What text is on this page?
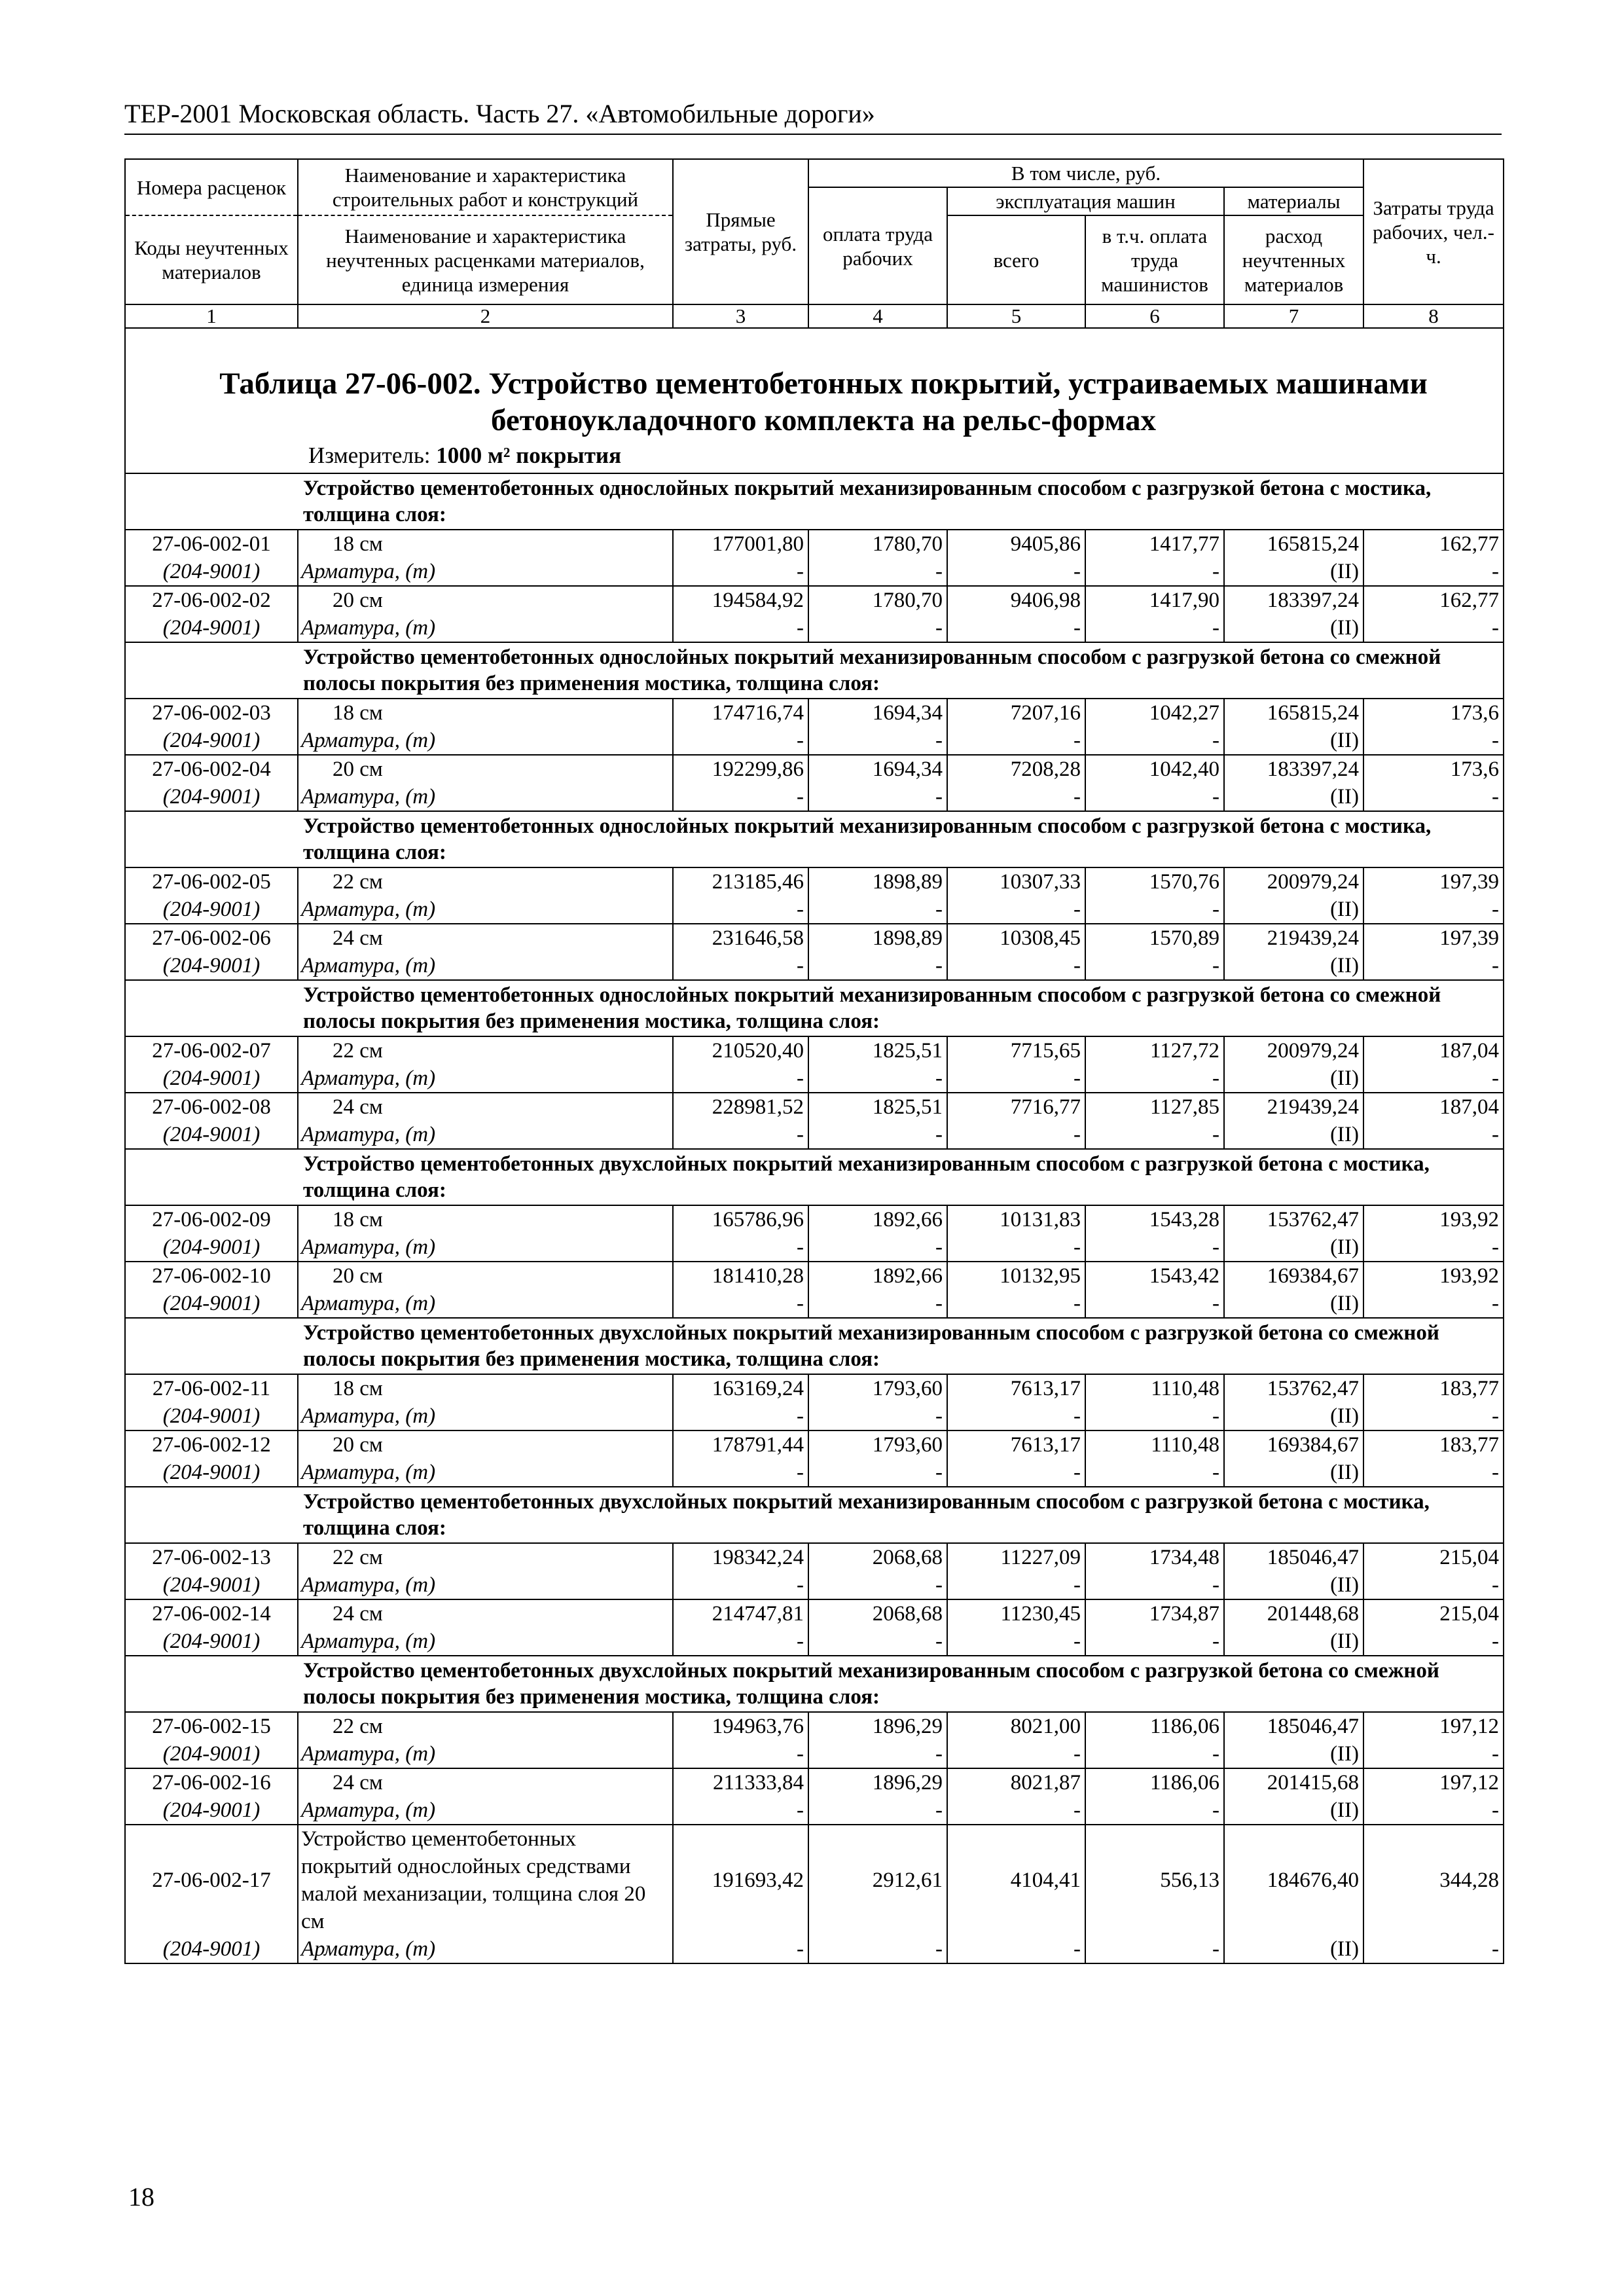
ТЕР-2001 Московская область. Часть 27. «Автомобильные дороги»
Номера расценок	Наименование и характеристика строительных работ и конструкций	Прямые затраты, руб.	В том числе, руб.				Затраты труда рабочих, чел.-ч.
			оплата труда рабочих	эксплуатация машин		материалы	
Коды неучтенных материалов	Наименование и характеристика неучтенных расценками материалов, единица измерения			всего	в т.ч. оплата труда машинистов	расход неучтенных материалов	

1	2	3	4	5	6	7	8

Таблица 27-06-002. Устройство цементобетонных покрытий, устраиваемых машинами бетоноукладочного комплекта на рельс-формах							

Измеритель: 1000 м² покрытия							

	Устройство цементобетонных однослойных покрытий механизированным способом с разгрузкой бетона с мостика, толщина слоя:						
27-06-002-01	18 см	177001,80	1780,70	9405,86	1417,77	165815,24	162,77
(204-9001)	Арматура, (т)	-	-	-	-	(II)	-
27-06-002-02	20 см	194584,92	1780,70	9406,98	1417,90	183397,24	162,77
(204-9001)	Арматура, (т)	-	-	-	-	(II)	-
	Устройство цементобетонных однослойных покрытий механизированным способом с разгрузкой бетона со смежной полосы покрытия без применения мостика, толщина слоя:						
27-06-002-03	18 см	174716,74	1694,34	7207,16	1042,27	165815,24	173,6
(204-9001)	Арматура, (т)	-	-	-	-	(II)	-
27-06-002-04	20 см	192299,86	1694,34	7208,28	1042,40	183397,24	173,6
(204-9001)	Арматура, (т)	-	-	-	-	(II)	-
	Устройство цементобетонных однослойных покрытий механизированным способом с разгрузкой бетона с мостика, толщина слоя:						
27-06-002-05	22 см	213185,46	1898,89	10307,33	1570,76	200979,24	197,39
(204-9001)	Арматура, (т)	-	-	-	-	(II)	-
27-06-002-06	24 см	231646,58	1898,89	10308,45	1570,89	219439,24	197,39
(204-9001)	Арматура, (т)	-	-	-	-	(II)	-
	Устройство цементобетонных однослойных покрытий механизированным способом с разгрузкой бетона со смежной полосы покрытия без применения мостика, толщина слоя:						
27-06-002-07	22 см	210520,40	1825,51	7715,65	1127,72	200979,24	187,04
(204-9001)	Арматура, (т)	-	-	-	-	(II)	-
27-06-002-08	24 см	228981,52	1825,51	7716,77	1127,85	219439,24	187,04
(204-9001)	Арматура, (т)	-	-	-	-	(II)	-
	Устройство цементобетонных двухслойных покрытий механизированным способом с разгрузкой бетона с мостика, толщина слоя:						
27-06-002-09	18 см	165786,96	1892,66	10131,83	1543,28	153762,47	193,92
(204-9001)	Арматура, (т)	-	-	-	-	(II)	-
27-06-002-10	20 см	181410,28	1892,66	10132,95	1543,42	169384,67	193,92
(204-9001)	Арматура, (т)	-	-	-	-	(II)	-
	Устройство цементобетонных двухслойных покрытий механизированным способом с разгрузкой бетона со смежной полосы покрытия без применения мостика, толщина слоя:						
27-06-002-11	18 см	163169,24	1793,60	7613,17	1110,48	153762,47	183,77
(204-9001)	Арматура, (т)	-	-	-	-	(II)	-
27-06-002-12	20 см	178791,44	1793,60	7613,17	1110,48	169384,67	183,77
(204-9001)	Арматура, (т)	-	-	-	-	(II)	-
	Устройство цементобетонных двухслойных покрытий механизированным способом с разгрузкой бетона с мостика, толщина слоя:						
27-06-002-13	22 см	198342,24	2068,68	11227,09	1734,48	185046,47	215,04
(204-9001)	Арматура, (т)	-	-	-	-	(II)	-
27-06-002-14	24 см	214747,81	2068,68	11230,45	1734,87	201448,68	215,04
(204-9001)	Арматура, (т)	-	-	-	-	(II)	-
	Устройство цементобетонных двухслойных покрытий механизированным способом с разгрузкой бетона со смежной полосы покрытия без применения мостика, толщина слоя:						
27-06-002-15	22 см	194963,76	1896,29	8021,00	1186,06	185046,47	197,12
(204-9001)	Арматура, (т)	-	-	-	-	(II)	-
27-06-002-16	24 см	211333,84	1896,29	8021,87	1186,06	201415,68	197,12
(204-9001)	Арматура, (т)	-	-	-	-	(II)	-
27-06-002-17	Устройство цементобетонных покрытий однослойных средствами малой механизации, толщина слоя 20 см	191693,42	2912,61	4104,41	556,13	184676,40	344,28
(204-9001)	Арматура, (т)	-	-	-	-	(II)	-
18
